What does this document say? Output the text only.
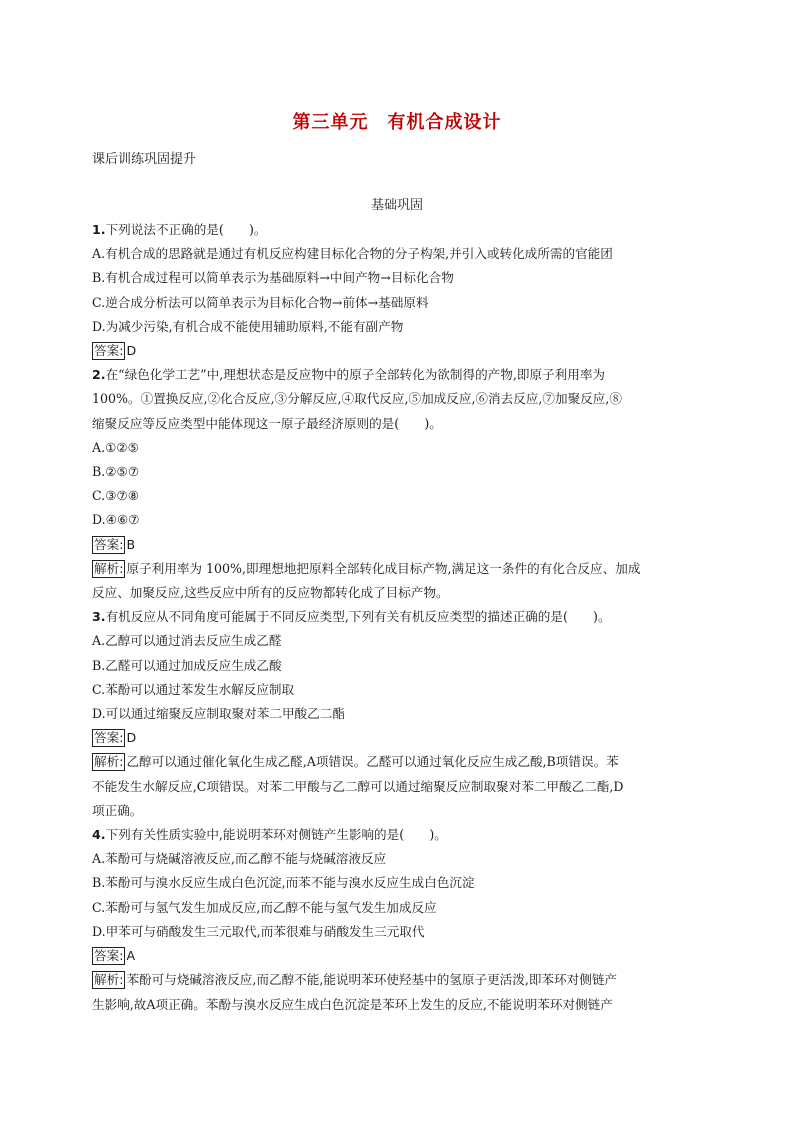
第三单元　有机合成设计
课后训练巩固提升
基础巩固
1.下列说法不正确的是(　　)。
A.有机合成的思路就是通过有机反应构建目标化合物的分子构架,并引入或转化成所需的官能团
B.有机合成过程可以简单表示为基础原料→中间产物→目标化合物
C.逆合成分析法可以简单表示为目标化合物→前体→基础原料
D.为减少污染,有机合成不能使用辅助原料,不能有副产物
答案: D
2.在“绿色化学工艺”中,理想状态是反应物中的原子全部转化为欲制得的产物,即原子利用率为
100%。①置换反应,②化合反应,③分解反应,④取代反应,⑤加成反应,⑥消去反应,⑦加聚反应,⑧
缩聚反应等反应类型中能体现这一原子最经济原则的是(　　)。
A.①②⑤
B.②⑤⑦
C.③⑦⑧
D.④⑥⑦
答案: B
解析: 原子利用率为 100%,即理想地把原料全部转化成目标产物,满足这一条件的有化合反应、加成
反应、加聚反应,这些反应中所有的反应物都转化成了目标产物。
3.有机反应从不同角度可能属于不同反应类型,下列有关有机反应类型的描述正确的是(　　)。
A.乙醇可以通过消去反应生成乙醛
B.乙醛可以通过加成反应生成乙酸
C.苯酚可以通过苯发生水解反应制取
D.可以通过缩聚反应制取聚对苯二甲酸乙二酯
答案: D
解析: 乙醇可以通过催化氧化生成乙醛,A项错误。乙醛可以通过氧化反应生成乙酸,B项错误。苯
不能发生水解反应,C项错误。对苯二甲酸与乙二醇可以通过缩聚反应制取聚对苯二甲酸乙二酯,D
项正确。
4.下列有关性质实验中,能说明苯环对侧链产生影响的是(　　)。
A.苯酚可与烧碱溶液反应,而乙醇不能与烧碱溶液反应
B.苯酚可与溴水反应生成白色沉淀,而苯不能与溴水反应生成白色沉淀
C.苯酚可与氢气发生加成反应,而乙醇不能与氢气发生加成反应
D.甲苯可与硝酸发生三元取代,而苯很难与硝酸发生三元取代
答案: A
解析: 苯酚可与烧碱溶液反应,而乙醇不能,能说明苯环使羟基中的氢原子更活泼,即苯环对侧链产
生影响,故A项正确。苯酚与溴水反应生成白色沉淀是苯环上发生的反应,不能说明苯环对侧链产
